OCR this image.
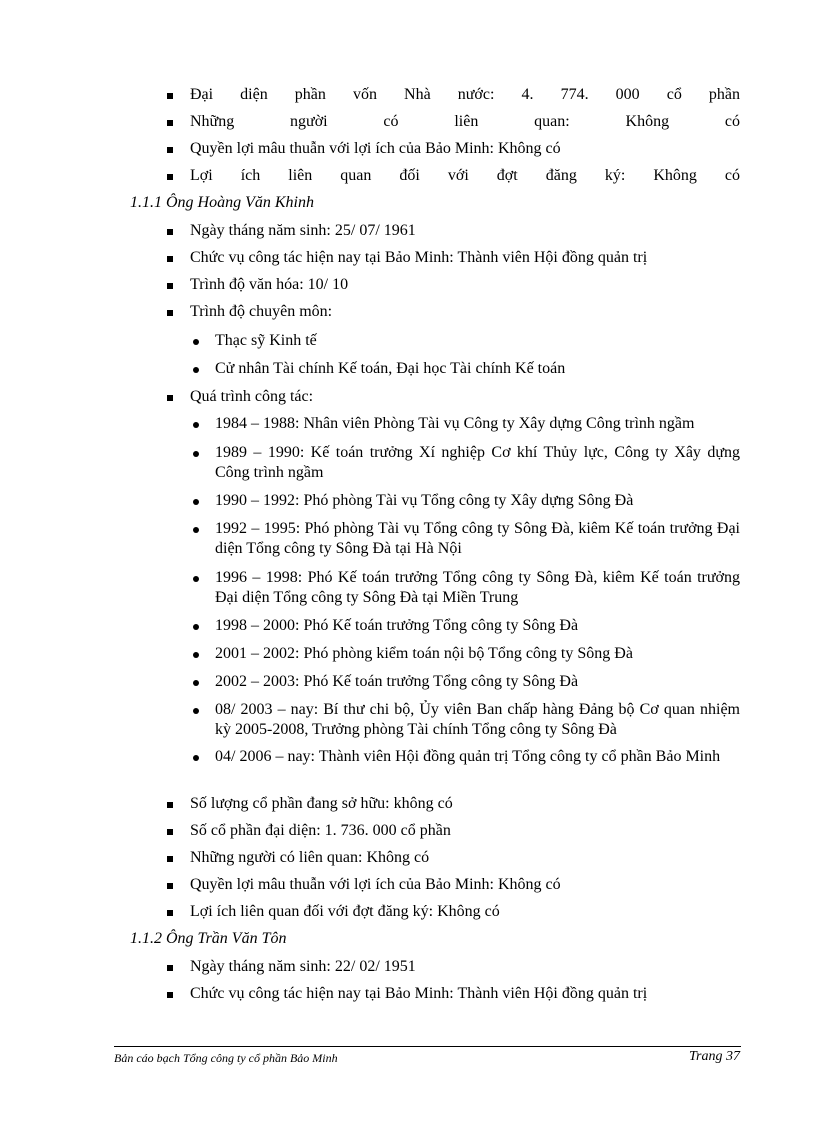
Đại diện phần vốn Nhà nước: 4. 774. 000 cổ phần
Những người có liên quan: Không có
Quyền lợi mâu thuẫn với lợi ích của Bảo Minh: Không có
Lợi ích liên quan đối với đợt đăng ký: Không có
1.1.1 Ông Hoàng Văn Khinh
Ngày tháng năm sinh: 25/ 07/ 1961
Chức vụ công tác hiện nay tại Bảo Minh: Thành viên Hội đồng quản trị
Trình độ văn hóa: 10/ 10
Trình độ chuyên môn:
Thạc sỹ Kinh tế
Cử nhân Tài chính Kế toán, Đại học Tài chính Kế toán
Quá trình công tác:
1984 – 1988: Nhân viên Phòng Tài vụ Công ty Xây dựng Công trình ngầm
1989 – 1990: Kế toán trưởng Xí nghiệp Cơ khí Thủy lực, Công ty Xây dựng Công trình ngầm
1990 – 1992: Phó phòng Tài vụ Tổng công ty Xây dựng Sông Đà
1992 – 1995: Phó phòng Tài vụ Tổng công ty Sông Đà, kiêm Kế toán trưởng Đại diện Tổng công ty Sông Đà tại Hà Nội
1996 – 1998: Phó Kế toán trưởng Tổng công ty Sông Đà, kiêm Kế toán trưởng Đại diện Tổng công ty Sông Đà tại Miền Trung
1998 – 2000: Phó Kế toán trưởng Tổng công ty Sông Đà
2001 – 2002: Phó phòng kiểm toán nội bộ Tổng công ty Sông Đà
2002 – 2003: Phó Kế toán trưởng Tổng công ty Sông Đà
08/ 2003 – nay: Bí thư chi bộ, Ủy viên Ban chấp hàng Đảng bộ Cơ quan nhiệm kỳ 2005-2008, Trưởng phòng Tài chính Tổng công ty Sông Đà
04/ 2006 – nay: Thành viên Hội đồng quản trị Tổng công ty cổ phần Bảo Minh
Số lượng cổ phần đang sở hữu: không có
Số cổ phần đại diện: 1. 736. 000 cổ phần
Những người có liên quan: Không có
Quyền lợi mâu thuẫn với lợi ích của Bảo Minh: Không có
Lợi ích liên quan đối với đợt đăng ký: Không có
1.1.2 Ông Trần Văn Tôn
Ngày tháng năm sinh: 22/ 02/ 1951
Chức vụ công tác hiện nay tại Bảo Minh: Thành viên Hội đồng quản trị
Bản cáo bạch Tổng công ty cổ phần Bảo Minh	Trang 37
